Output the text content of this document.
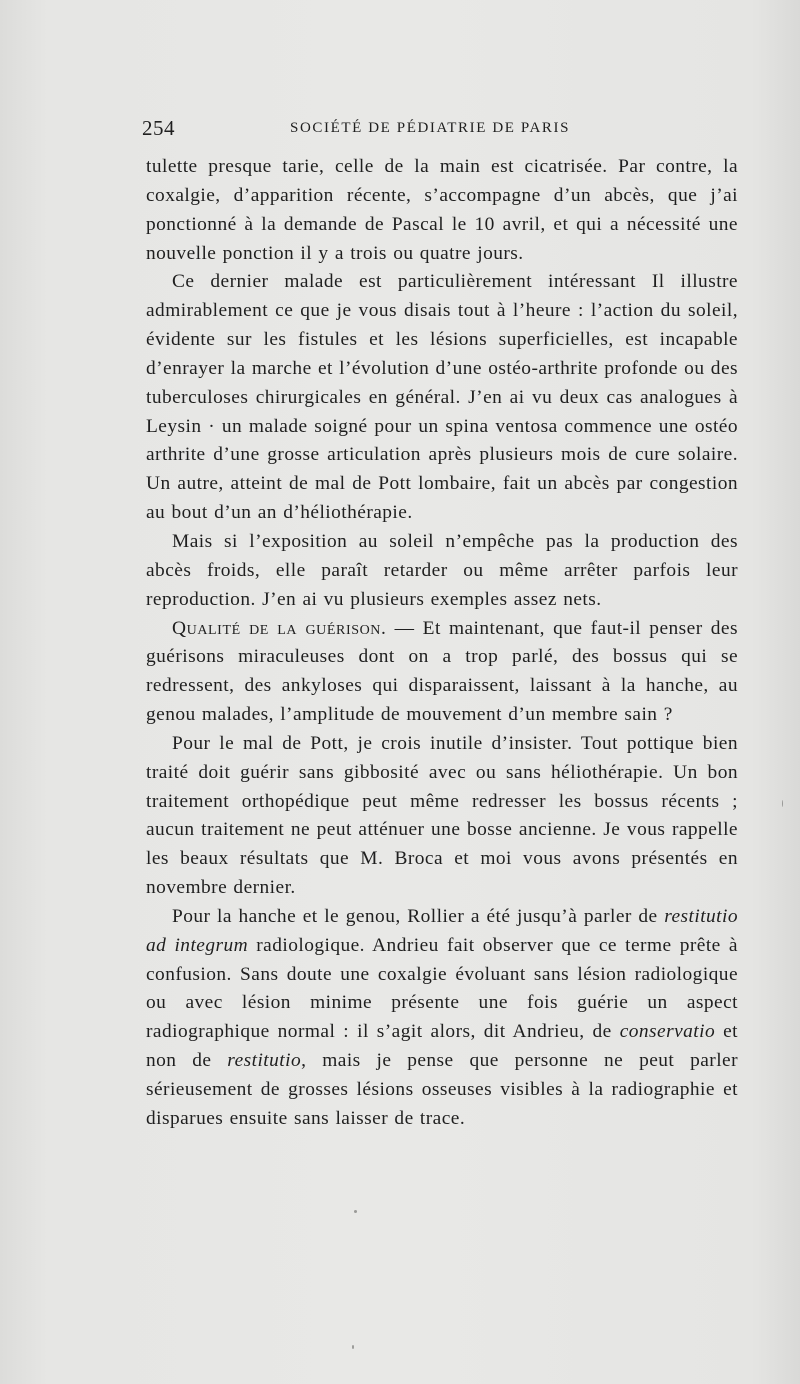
254	SOCIÉTÉ DE PÉDIATRIE DE PARIS

tulette presque tarie, celle de la main est cicatrisée. Par contre, la coxalgie, d’apparition récente, s’accompagne d’un abcès, que j’ai ponctionné à la demande de Pascal le 10 avril, et qui a nécessité une nouvelle ponction il y a trois ou quatre jours.

Ce dernier malade est particulièrement intéressant Il illustre admirablement ce que je vous disais tout à l’heure : l’action du soleil, évidente sur les fistules et les lésions superficielles, est incapable d’enrayer la marche et l’évolution d’une ostéo-arthrite profonde ou des tuberculoses chirurgicales en général. J’en ai vu deux cas analogues à Leysin · un malade soigné pour un spina ventosa commence une ostéo arthrite d’une grosse articulation après plusieurs mois de cure solaire. Un autre, atteint de mal de Pott lombaire, fait un abcès par congestion au bout d’un an d’héliothérapie.

Mais si l’exposition au soleil n’empêche pas la production des abcès froids, elle paraît retarder ou même arrêter parfois leur reproduction. J’en ai vu plusieurs exemples assez nets.

Qualité de la guérison. — Et maintenant, que faut-il penser des guérisons miraculeuses dont on a trop parlé, des bossus qui se redressent, des ankyloses qui disparaissent, laissant à la hanche, au genou malades, l’amplitude de mouvement d’un membre sain ?

Pour le mal de Pott, je crois inutile d’insister. Tout pottique bien traité doit guérir sans gibbosité avec ou sans héliothérapie. Un bon traitement orthopédique peut même redresser les bossus récents ; aucun traitement ne peut atténuer une bosse ancienne. Je vous rappelle les beaux résultats que M. Broca et moi vous avons présentés en novembre dernier.

Pour la hanche et le genou, Rollier a été jusqu’à parler de restitutio ad integrum radiologique. Andrieu fait observer que ce terme prête à confusion. Sans doute une coxalgie évoluant sans lésion radiologique ou avec lésion minime présente une fois guérie un aspect radiographique normal : il s’agit alors, dit Andrieu, de conservatio et non de restitutio, mais je pense que personne ne peut parler sérieusement de grosses lésions osseuses visibles à la radiographie et disparues ensuite sans laisser de trace.
